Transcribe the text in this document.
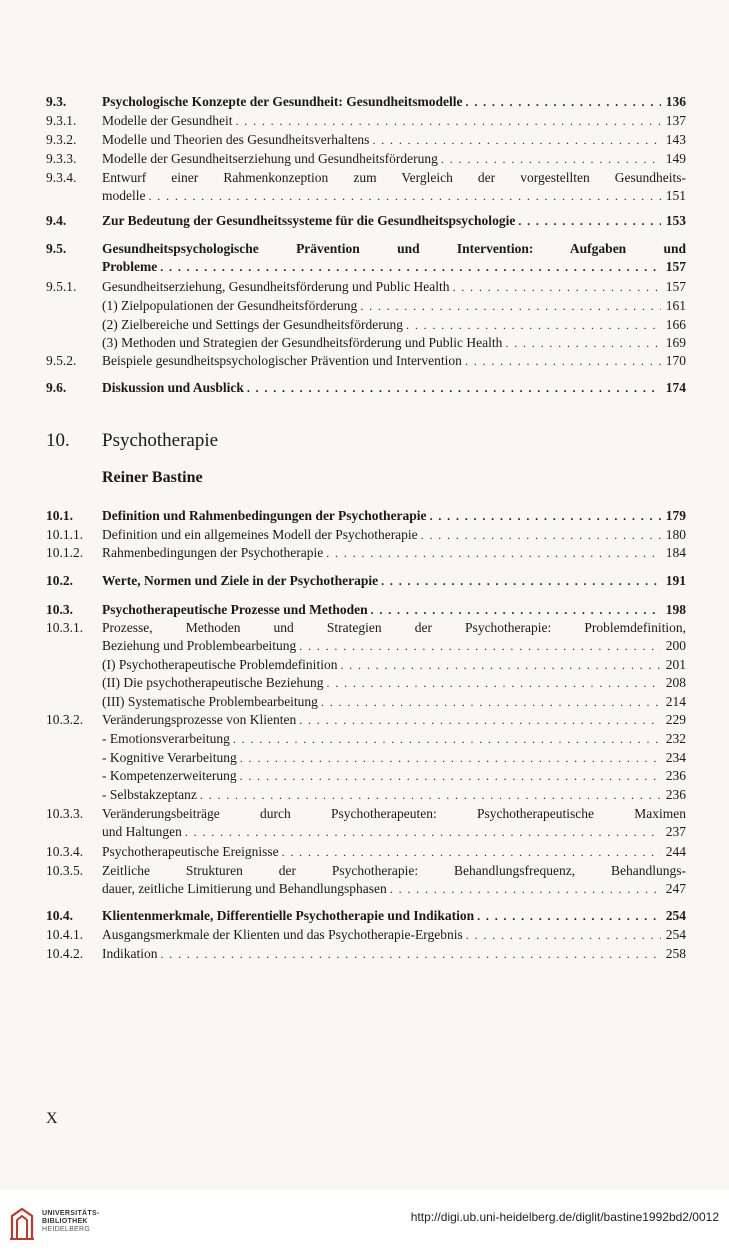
9.3.	Psychologische Konzepte der Gesundheit: Gesundheitsmodelle . . .	136
9.3.1. Modelle der Gesundheit . . .	137
9.3.2. Modelle und Theorien des Gesundheitsverhaltens . . .	143
9.3.3. Modelle der Gesundheitserziehung und Gesundheitsförderung . . .	149
9.3.4. Entwurf einer Rahmenkonzeption zum Vergleich der vorgestellten Gesundheits-
modelle . . .	151
9.4.	Zur Bedeutung der Gesundheitssysteme für die Gesundheitspsychologie . . .	153
9.5.	Gesundheitspsychologische Prävention und Intervention: Aufgaben und
Probleme . . .	157
9.5.1. Gesundheitserziehung, Gesundheitsförderung und Public Health . . .	157
(1) Zielpopulationen der Gesundheitsförderung . . .	161
(2) Zielbereiche und Settings der Gesundheitsförderung . . .	166
(3) Methoden und Strategien der Gesundheitsförderung und Public Health . . .	169
9.5.2. Beispiele gesundheitspsychologischer Prävention und Intervention . . .	170
9.6.	Diskussion und Ausblick . . .	174
10. Psychotherapie
Reiner Bastine
10.1. Definition und Rahmenbedingungen der Psychotherapie . . .	179
10.1.1. Definition und ein allgemeines Modell der Psychotherapie . . .	180
10.1.2. Rahmenbedingungen der Psychotherapie . . .	184
10.2. Werte, Normen und Ziele in der Psychotherapie . . .	191
10.3. Psychotherapeutische Prozesse und Methoden . . .	198
10.3.1. Prozesse, Methoden und Strategien der Psychotherapie: Problemdefinition,
Beziehung und Problembearbeitung . . .	200
(I) Psychotherapeutische Problemdefinition . . .	201
(II) Die psychotherapeutische Beziehung . . .	208
(III) Systematische Problembearbeitung . . .	214
10.3.2. Veränderungsprozesse von Klienten . . .	229
- Emotionsverarbeitung . . .	232
- Kognitive Verarbeitung . . .	234
- Kompetenzerweiterung . . .	236
- Selbstakzeptanz . . .	236
10.3.3. Veränderungsbeiträge durch Psychotherapeuten: Psychotherapeutische Maximen
und Haltungen . . .	237
10.3.4. Psychotherapeutische Ereignisse . . .	244
10.3.5. Zeitliche Strukturen der Psychotherapie: Behandlungsfrequenz, Behandlungs-
dauer, zeitliche Limitierung und Behandlungsphasen . . .	247
10.4. Klientenmerkmale, Differentielle Psychotherapie und Indikation . . .	254
10.4.1. Ausgangsmerkmale der Klienten und das Psychotherapie-Ergebnis . . .	254
10.4.2. Indikation . . .	258
X
UNIVERSITÄTS-
BIBLIOTHEK
HEIDELBERG
http://digi.ub.uni-heidelberg.de/diglit/bastine1992bd2/0012
